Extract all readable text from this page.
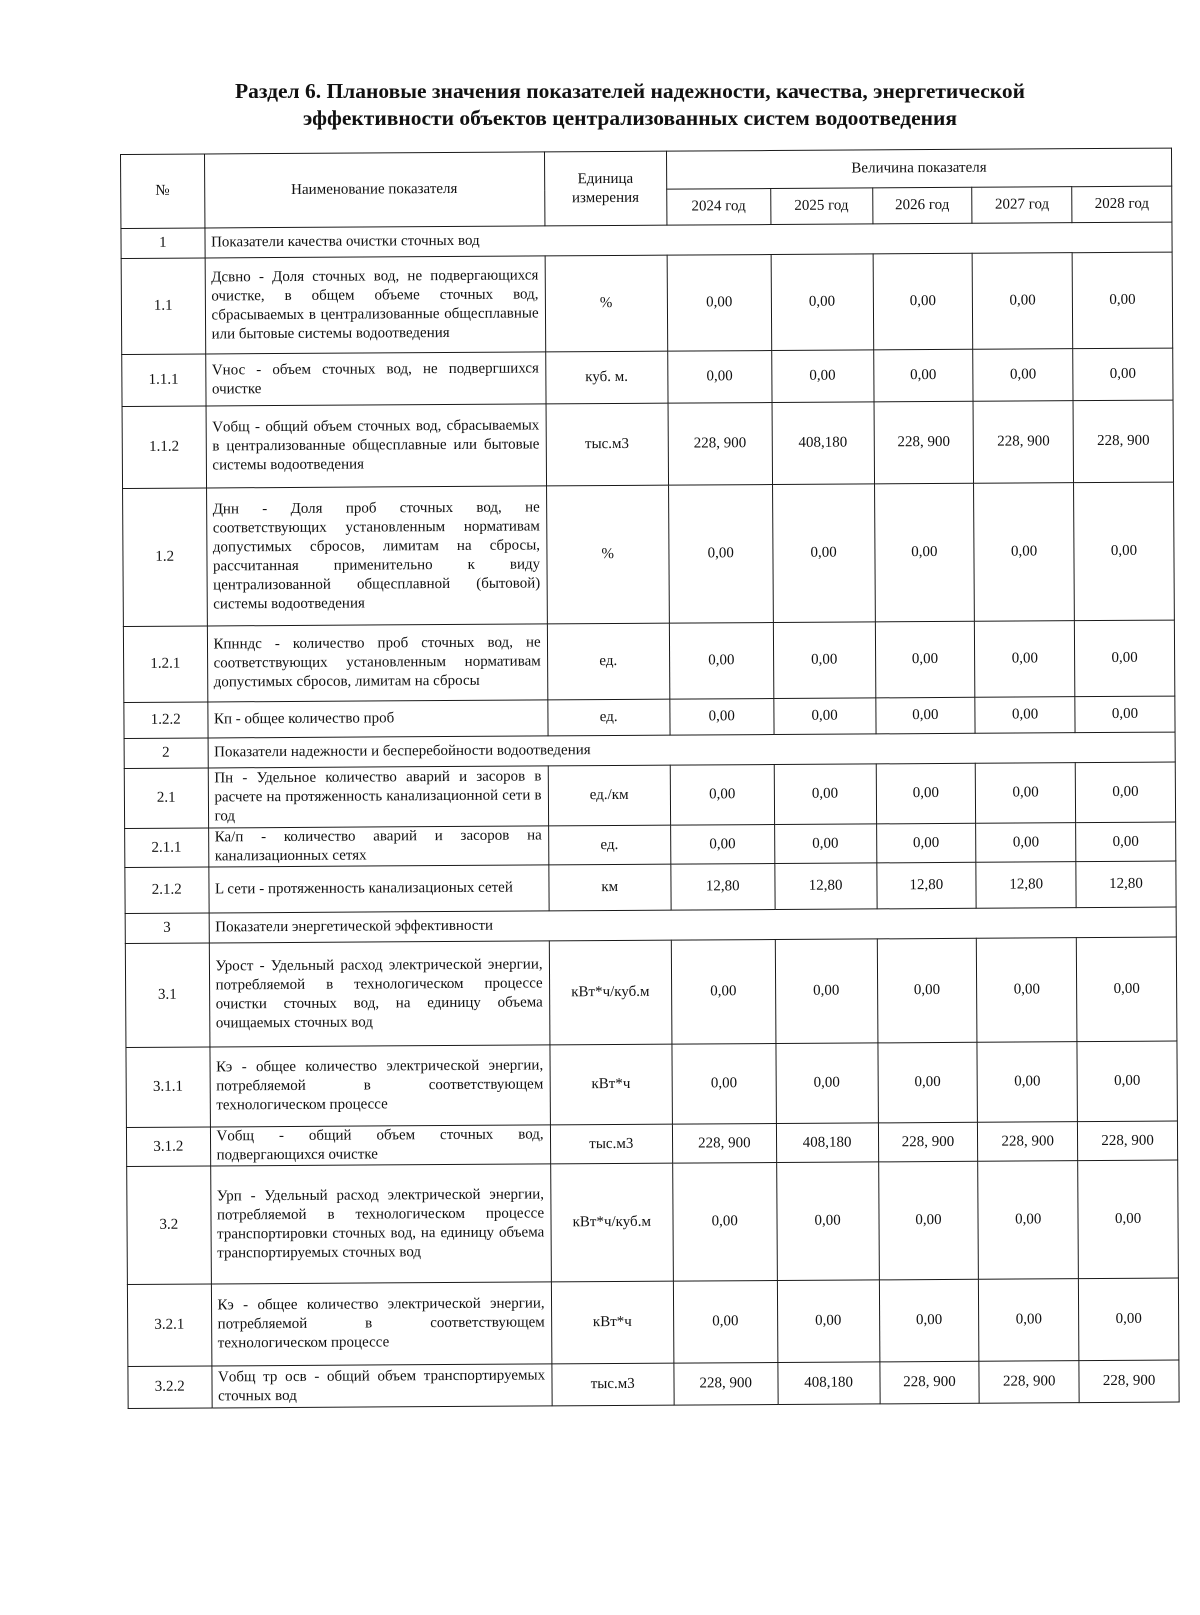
Раздел 6. Плановые значения показателей надежности, качества, энергетической
эффективности объектов централизованных систем водоотведения
№	Наименование показателя	Единица измерения	Величина показателя				
			2024 год	2025 год	2026 год	2027 год	2028 год
1	Показатели качества очистки сточных вод						
1.1	Дсвно - Доля сточных вод, не подвергающихся очистке, в общем объеме сточных вод, сбрасываемых в централизованные общесплавные или бытовые системы водоотведения	%	0,00	0,00	0,00	0,00	0,00
1.1.1	Vнос - объем сточных вод, не подвергшихся очистке	куб. м.	0,00	0,00	0,00	0,00	0,00
1.1.2	Vобщ - общий объем сточных вод, сбрасываемых в централизованные общесплавные или бытовые системы водоотведения	тыс.м3	228, 900	408,180	228, 900	228, 900	228, 900
1.2	Днн - Доля проб сточных вод, не соответствующих установленным нормативам допустимых сбросов, лимитам на сбросы, рассчитанная применительно к виду централизованной общесплавной (бытовой) системы водоотведения	%	0,00	0,00	0,00	0,00	0,00
1.2.1	Кпнндс - количество проб сточных вод, не соответствующих установленным нормативам допустимых сбросов, лимитам на сбросы	ед.	0,00	0,00	0,00	0,00	0,00
1.2.2	Кп - общее количество проб	ед.	0,00	0,00	0,00	0,00	0,00
2	Показатели надежности и бесперебойности водоотведения						
2.1	Пн - Удельное количество аварий и засоров в расчете на протяженность канализационной сети в год	ед./км	0,00	0,00	0,00	0,00	0,00
2.1.1	Ка/п - количество аварий и засоров на канализационных сетях	ед.	0,00	0,00	0,00	0,00	0,00
2.1.2	L сети - протяженность канализационых сетей	км	12,80	12,80	12,80	12,80	12,80
3	Показатели энергетической эффективности						
3.1	Урост - Удельный расход электрической энергии, потребляемой в технологическом процессе очистки сточных вод, на единицу объема очищаемых сточных вод	кВт*ч/куб.м	0,00	0,00	0,00	0,00	0,00
3.1.1	Кэ - общее количество электрической энергии, потребляемой в соответствующем технологическом процессе	кВт*ч	0,00	0,00	0,00	0,00	0,00
3.1.2	Vобщ - общий объем сточных вод, подвергающихся очистке	тыс.м3	228, 900	408,180	228, 900	228, 900	228, 900
3.2	Урп - Удельный расход электрической энергии, потребляемой в технологическом процессе транспортировки сточных вод, на единицу объема транспортируемых сточных вод	кВт*ч/куб.м	0,00	0,00	0,00	0,00	0,00
3.2.1	Кэ - общее количество электрической энергии, потребляемой в соответствующем технологическом процессе	кВт*ч	0,00	0,00	0,00	0,00	0,00
3.2.2	Vобщ тр осв - общий объем транспортируемых сточных вод	тыс.м3	228, 900	408,180	228, 900	228, 900	228, 900
